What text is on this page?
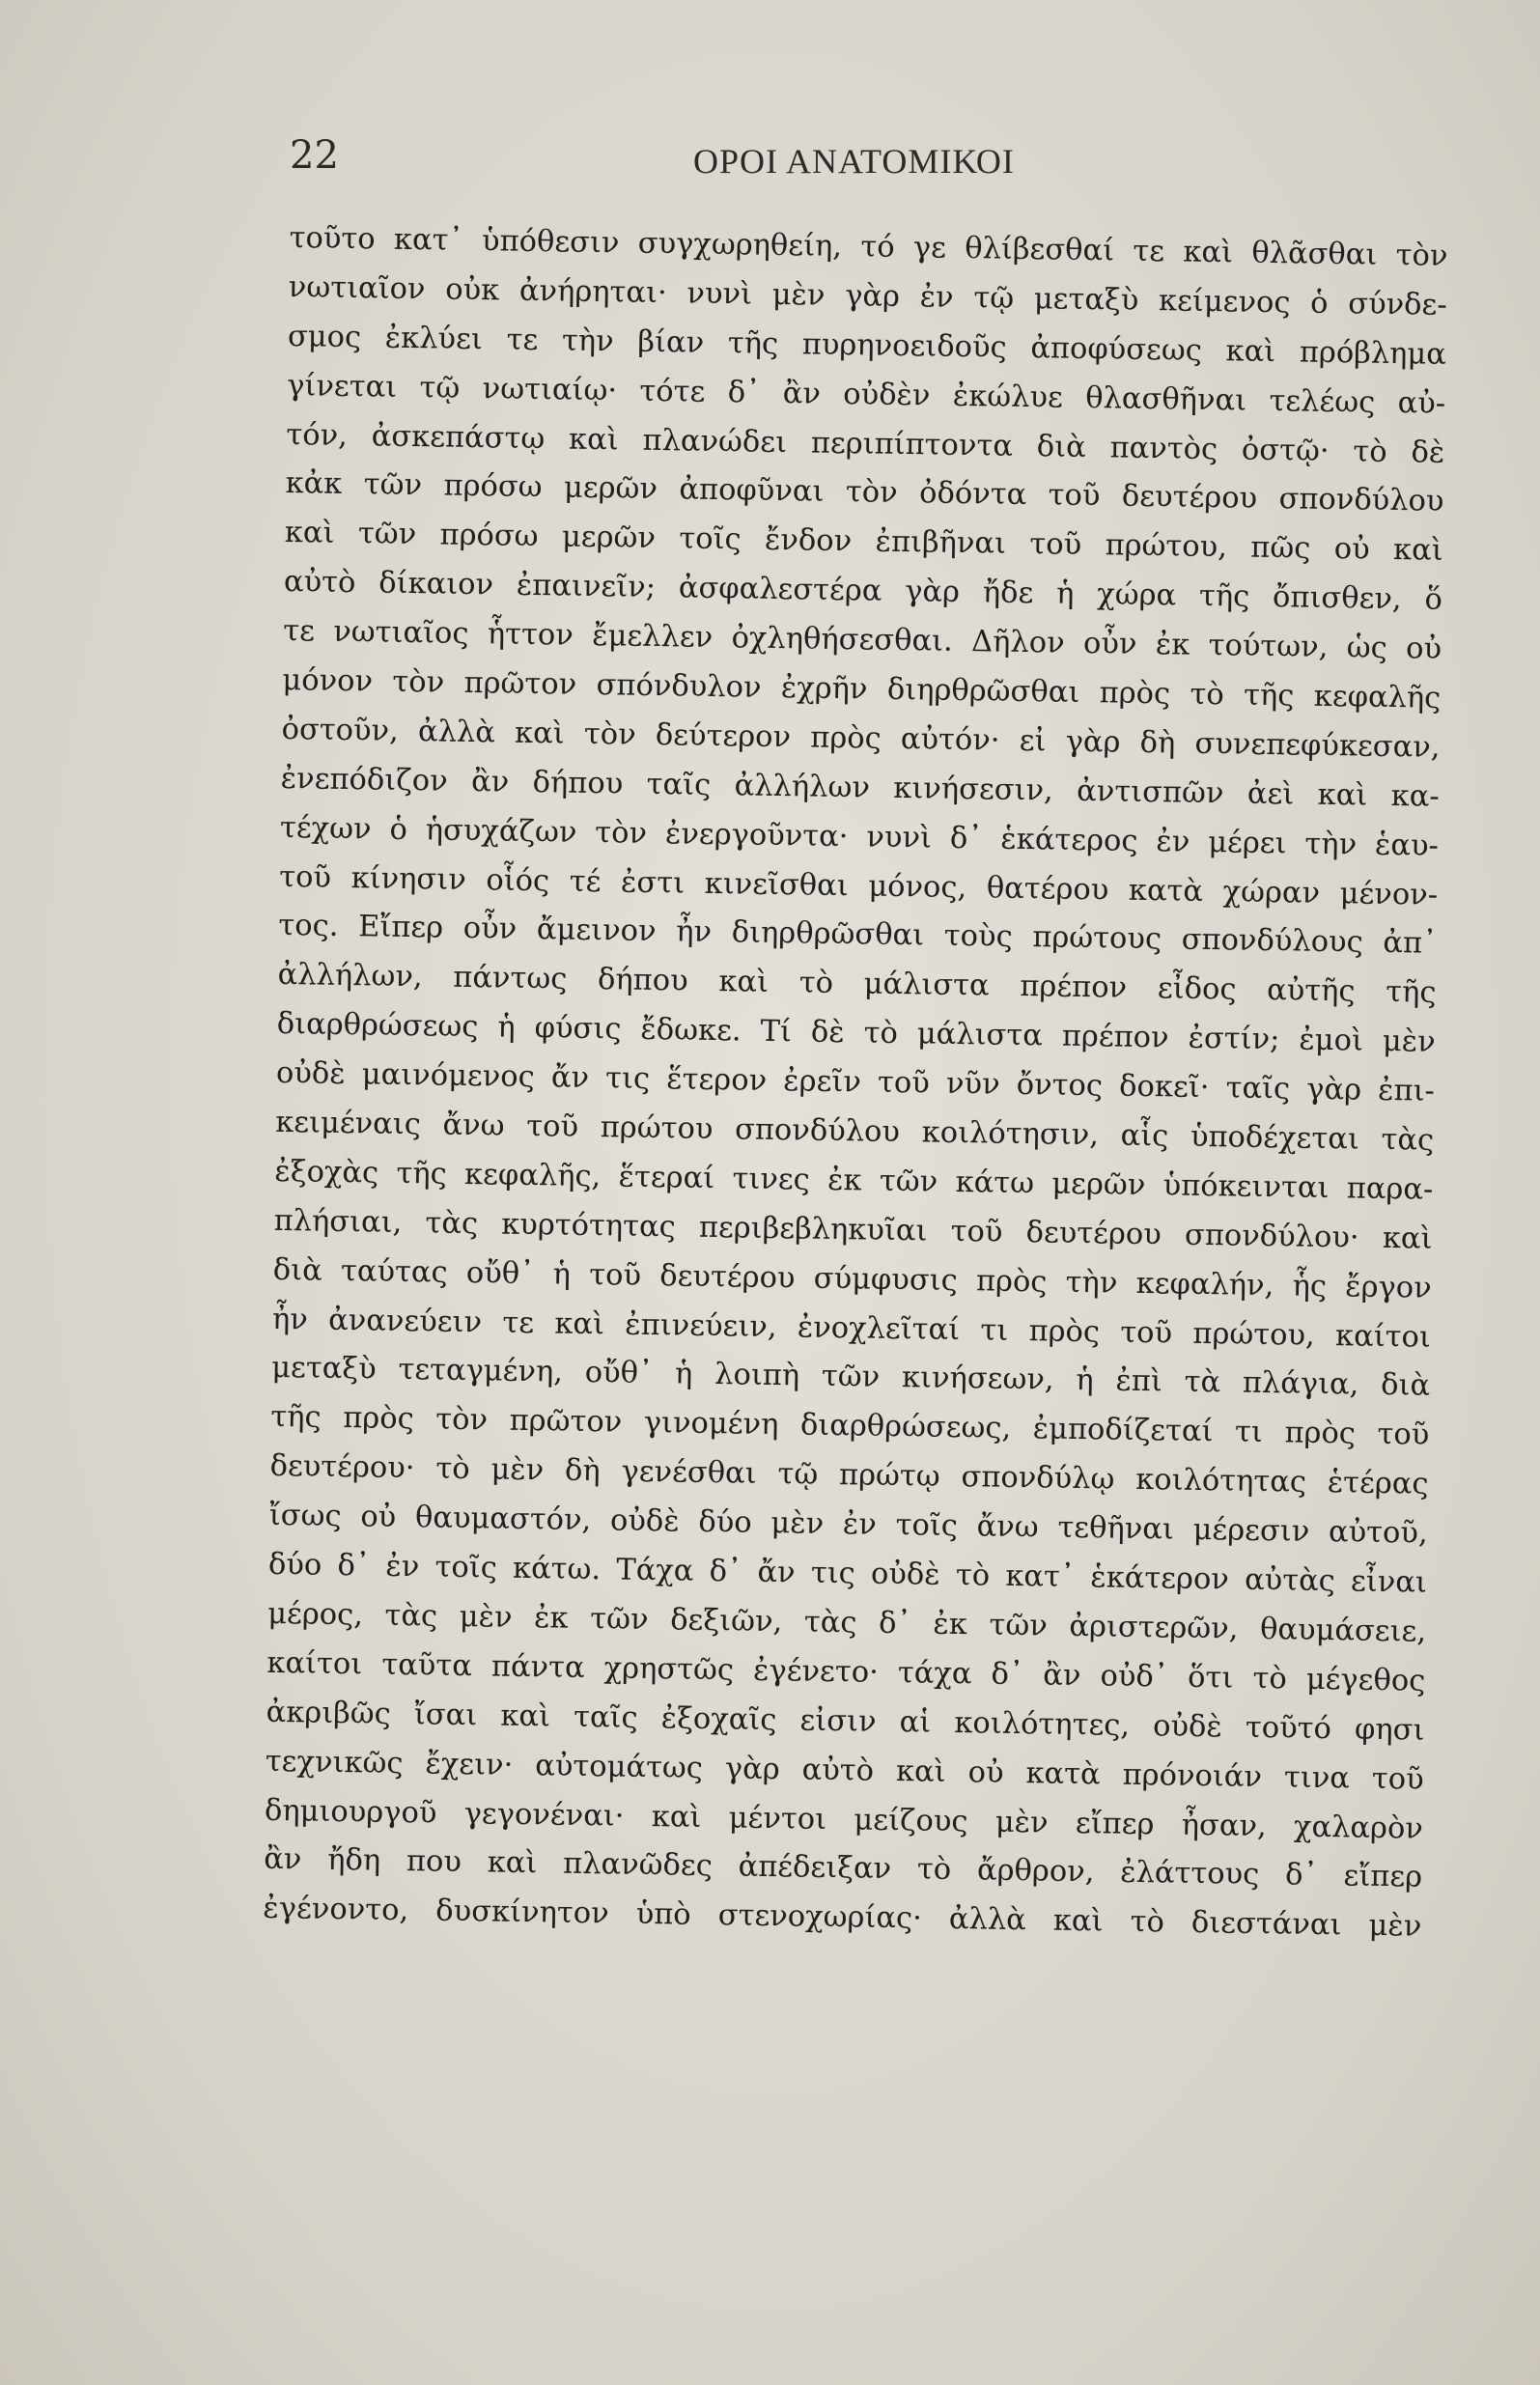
22	ΟΡΟΙ ΑΝΑΤΟΜΙΚΟΙ
τοῦτο κατ᾽ ὑπόθεσιν συγχωρηθείη, τό γε θλίβεσθαί τε καὶ θλᾶσθαι τὸν
νωτιαῖον οὐκ ἀνήρηται· νυνὶ μὲν γὰρ ἐν τῷ μεταξὺ κείμενος ὁ σύνδε-
σμος ἐκλύει τε τὴν βίαν τῆς πυρηνοειδοῦς ἀποφύσεως καὶ πρόβλημα
γίνεται τῷ νωτιαίῳ· τότε δ᾽ ἂν οὐδὲν ἐκώλυε θλασθῆναι τελέως αὐ-
τόν, ἀσκεπάστῳ καὶ πλανώδει περιπίπτοντα διὰ παντὸς ὀστῷ· τὸ δὲ
κἀκ τῶν πρόσω μερῶν ἀποφῦναι τὸν ὀδόντα τοῦ δευτέρου σπονδύλου
καὶ τῶν πρόσω μερῶν τοῖς ἔνδον ἐπιβῆναι τοῦ πρώτου, πῶς οὐ καὶ
αὐτὸ δίκαιον ἐπαινεῖν; ἀσφαλεστέρα γὰρ ἤδε ἡ χώρα τῆς ὄπισθεν, ὅ
τε νωτιαῖος ἧττον ἔμελλεν ὀχληθήσεσθαι. Δῆλον οὖν ἐκ τούτων, ὡς οὐ
μόνον τὸν πρῶτον σπόνδυλον ἐχρῆν διηρθρῶσθαι πρὸς τὸ τῆς κεφαλῆς
ὀστοῦν, ἀλλὰ καὶ τὸν δεύτερον πρὸς αὐτόν· εἰ γὰρ δὴ συνεπεφύκεσαν,
ἐνεπόδιζον ἂν δήπου ταῖς ἀλλήλων κινήσεσιν, ἀντισπῶν ἀεὶ καὶ κα-
τέχων ὁ ἡσυχάζων τὸν ἐνεργοῦντα· νυνὶ δ᾽ ἑκάτερος ἐν μέρει τὴν ἑαυ-
τοῦ κίνησιν οἷός τέ ἐστι κινεῖσθαι μόνος, θατέρου κατὰ χώραν μένον-
τος. Εἴπερ οὖν ἄμεινον ἦν διηρθρῶσθαι τοὺς πρώτους σπονδύλους ἀπ᾽
ἀλλήλων, πάντως δήπου καὶ τὸ μάλιστα πρέπον εἶδος αὐτῆς τῆς
διαρθρώσεως ἡ φύσις ἔδωκε. Τί δὲ τὸ μάλιστα πρέπον ἐστίν; ἐμοὶ μὲν
οὐδὲ μαινόμενος ἄν τις ἕτερον ἐρεῖν τοῦ νῦν ὄντος δοκεῖ· ταῖς γὰρ ἐπι-
κειμέναις ἄνω τοῦ πρώτου σπονδύλου κοιλότησιν, αἷς ὑποδέχεται τὰς
ἐξοχὰς τῆς κεφαλῆς, ἕτεραί τινες ἐκ τῶν κάτω μερῶν ὑπόκεινται παρα-
πλήσιαι, τὰς κυρτότητας περιβεβληκυῖαι τοῦ δευτέρου σπονδύλου· καὶ
διὰ ταύτας οὔθ᾽ ἡ τοῦ δευτέρου σύμφυσις πρὸς τὴν κεφαλήν, ἧς ἔργον
ἦν ἀνανεύειν τε καὶ ἐπινεύειν, ἐνοχλεῖταί τι πρὸς τοῦ πρώτου, καίτοι
μεταξὺ τεταγμένη, οὔθ᾽ ἡ λοιπὴ τῶν κινήσεων, ἡ ἐπὶ τὰ πλάγια, διὰ
τῆς πρὸς τὸν πρῶτον γινομένη διαρθρώσεως, ἐμποδίζεταί τι πρὸς τοῦ
δευτέρου· τὸ μὲν δὴ γενέσθαι τῷ πρώτῳ σπονδύλῳ κοιλότητας ἑτέρας
ἴσως οὐ θαυμαστόν, οὐδὲ δύο μὲν ἐν τοῖς ἄνω τεθῆναι μέρεσιν αὐτοῦ,
δύο δ᾽ ἐν τοῖς κάτω. Τάχα δ᾽ ἄν τις οὐδὲ τὸ κατ᾽ ἑκάτερον αὐτὰς εἶναι
μέρος, τὰς μὲν ἐκ τῶν δεξιῶν, τὰς δ᾽ ἐκ τῶν ἀριστερῶν, θαυμάσειε,
καίτοι ταῦτα πάντα χρηστῶς ἐγένετο· τάχα δ᾽ ἂν οὐδ᾽ ὅτι τὸ μέγεθος
ἀκριβῶς ἴσαι καὶ ταῖς ἐξοχαῖς εἰσιν αἱ κοιλότητες, οὐδὲ τοῦτό φησι
τεχνικῶς ἔχειν· αὐτομάτως γὰρ αὐτὸ καὶ οὐ κατὰ πρόνοιάν τινα τοῦ
δημιουργοῦ γεγονέναι· καὶ μέντοι μείζους μὲν εἴπερ ἦσαν, χαλαρὸν
ἂν ἤδη που καὶ πλανῶδες ἀπέδειξαν τὸ ἄρθρον, ἐλάττους δ᾽ εἴπερ
ἐγένοντο, δυσκίνητον ὑπὸ στενοχωρίας· ἀλλὰ καὶ τὸ διεστάναι μὲν
